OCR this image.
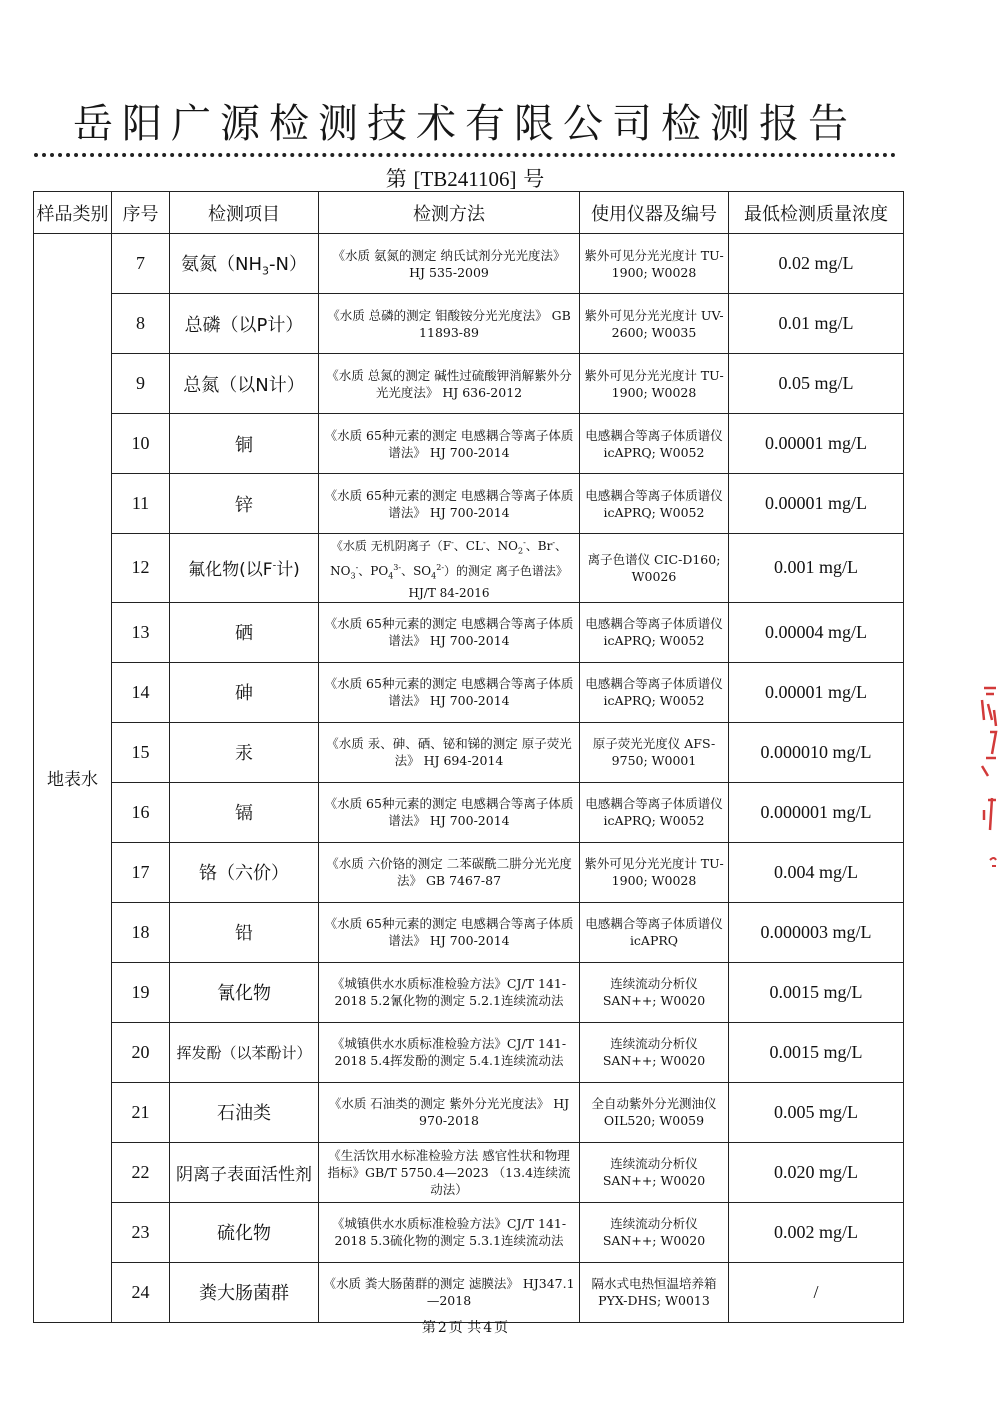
岳阳广源检测技术有限公司检测报告
第 [TB241106] 号
样品类别	序号	检测项目	检测方法	使用仪器及编号	最低检测质量浓度
地表水	7	氨氮$(NH_3-N)$	《水质 氨氮的测定 纳氏试剂分光光度法》 HJ 535-2009	紫外可见分光光度计 TU-1900; W0028	0.02 mg/L
	8	总磷（以P计）	《水质 总磷的测定 钼酸铵分光光度法》 GB 11893-89	紫外可见分光光度计 UV-2600; W0035	0.01 mg/L
	9	总氮（以N计）	《水质 总氮的测定 碱性过硫酸钾消解紫外分光光度法》 HJ 636-2012	紫外可见分光光度计 TU-1900; W0028	0.05 mg/L
	10	铜	《水质 65种元素的测定 电感耦合等离子体质谱法》 HJ 700-2014	电感耦合等离子体质谱仪icAPRQ; W0052	0.00001 mg/L
	11	锌	《水质 65种元素的测定 电感耦合等离子体质谱法》 HJ 700-2014	电感耦合等离子体质谱仪icAPRQ; W0052	0.00001 mg/L
	12	氟化物(以F-计)	《水质 无机阴离子（F-、CL-、$NO_2^-$、Br-、$NO_3^-$、$PO_4^{3-}$、$SO_4^{2-}$）的测定 离子色谱法》 HJ/T 84-2016	离子色谱仪 CIC-D160; W0026	0.001 mg/L
	13	硒	《水质 65种元素的测定 电感耦合等离子体质谱法》 HJ 700-2014	电感耦合等离子体质谱仪icAPRQ; W0052	0.00004 mg/L
	14	砷	《水质 65种元素的测定 电感耦合等离子体质谱法》 HJ 700-2014	电感耦合等离子体质谱仪icAPRQ; W0052	0.00001 mg/L
	15	汞	《水质 汞、砷、硒、铋和锑的测定 原子荧光法》 HJ 694-2014	原子荧光光度仪 AFS-9750; W0001	0.000010 mg/L
	16	镉	《水质 65种元素的测定 电感耦合等离子体质谱法》 HJ 700-2014	电感耦合等离子体质谱仪icAPRQ; W0052	0.000001 mg/L
	17	铬（六价）	《水质 六价铬的测定 二苯碳酰二肼分光光度法》 GB 7467-87	紫外可见分光光度计 TU-1900; W0028	0.004 mg/L
	18	铅	《水质 65种元素的测定 电感耦合等离子体质谱法》 HJ 700-2014	电感耦合等离子体质谱仪 icAPRQ	0.000003 mg/L
	19	氰化物	《城镇供水水质标准检验方法》CJ/T 141-2018 5.2氰化物的测定 5.2.1连续流动法	连续流动分析仪 SAN++; W0020	0.0015 mg/L
	20	挥发酚（以苯酚计）	《城镇供水水质标准检验方法》CJ/T 141-2018 5.4挥发酚的测定 5.4.1连续流动法	连续流动分析仪 SAN++; W0020	0.0015 mg/L
	21	石油类	《水质 石油类的测定 紫外分光光度法》 HJ 970-2018	全自动紫外分光测油仪 OIL520; W0059	0.005 mg/L
	22	阴离子表面活性剂	《生活饮用水标准检验方法 感官性状和物理指标》GB/T 5750.4—2023 （13.4连续流动法）	连续流动分析仪 SAN++; W0020	0.020 mg/L
	23	硫化物	《城镇供水水质标准检验方法》CJ/T 141-2018 5.3硫化物的测定 5.3.1连续流动法	连续流动分析仪 SAN++; W0020	0.002 mg/L
	24	粪大肠菌群	《水质 粪大肠菌群的测定 滤膜法》 HJ347.1—2018	隔水式电热恒温培养箱 PYX-DHS; W0013	/
第 2 页 共 4 页
